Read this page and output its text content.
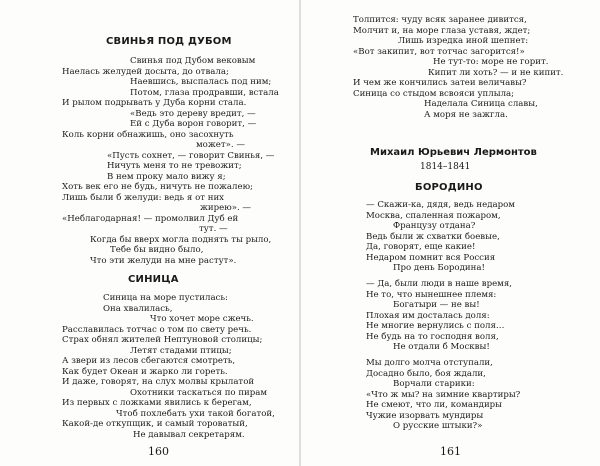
СВИНЬЯ ПОД ДУБОМ
Свинья под Дубом вековым
Наелась желудей досыта, до отвала;
Наевшись, выспалась под ним;
Потом, глаза продравши, встала
И рылом подрывать у Дуба корни стала.
«Ведь это дереву вредит, —
Ей с Дуба ворон говорит, —
Коль корни обнажишь, оно засохнуть
может». —
«Пусть сохнет, — говорит Свинья, —
Ничуть меня то не тревожит;
В нем проку мало вижу я;
Хоть век его не будь, ничуть не пожалею;
Лишь были б желуди: ведь я от них
жирею». —
«Неблагодарная! — промолвил Дуб ей
тут. —
Когда бы вверх могла поднять ты рыло,
Тебе бы видно было,
Что эти желуди на мне растут».
СИНИЦА
Синица на море пустилась:
Она хвалилась,
Что хочет море сжечь.
Расславилась тотчас о том по свету речь.
Страх обнял жителей Нептуновой столицы;
Летят стадами птицы;
А звери из лесов сбегаются смотреть,
Как будет Океан и жарко ли гореть.
И даже, говорят, на слух молвы крылатой
Охотники таскаться по пирам
Из первых с ложками явились к берегам,
Чтоб похлебать ухи такой богатой,
Какой-де откупщик, и самый тороватый,
Не давывал секретарям.
160
Толпится: чуду всяк заранее дивится,
Молчит и, на море глаза уставя, ждет;
Лишь изредка иной шепнет:
«Вот закипит, вот тотчас загорится!»
Не тут-то: море не горит.
Кипит ли хоть? — и не кипит.
И чем же кончились затеи величавы?
Синица со стыдом всвояси уплыла;
Наделала Синица славы,
А моря не зажгла.
Михаил Юрьевич Лермонтов
1814–1841
БОРОДИНО
— Скажи-ка, дядя, ведь недаром
Москва, спаленная пожаром,
Французу отдана?
Ведь были ж схватки боевые,
Да, говорят, еще какие!
Недаром помнит вся Россия
Про день Бородина!
— Да, были люди в наше время,
Не то, что нынешнее племя:
Богатыри — не вы!
Плохая им досталась доля:
Не многие вернулись с поля…
Не будь на то господня воля,
Не отдали б Москвы!
Мы долго молча отступали,
Досадно было, боя ждали,
Ворчали старики:
«Что ж мы? на зимние квартиры?
Не смеют, что ли, командиры
Чужие изорвать мундиры
О русские штыки?»
161
